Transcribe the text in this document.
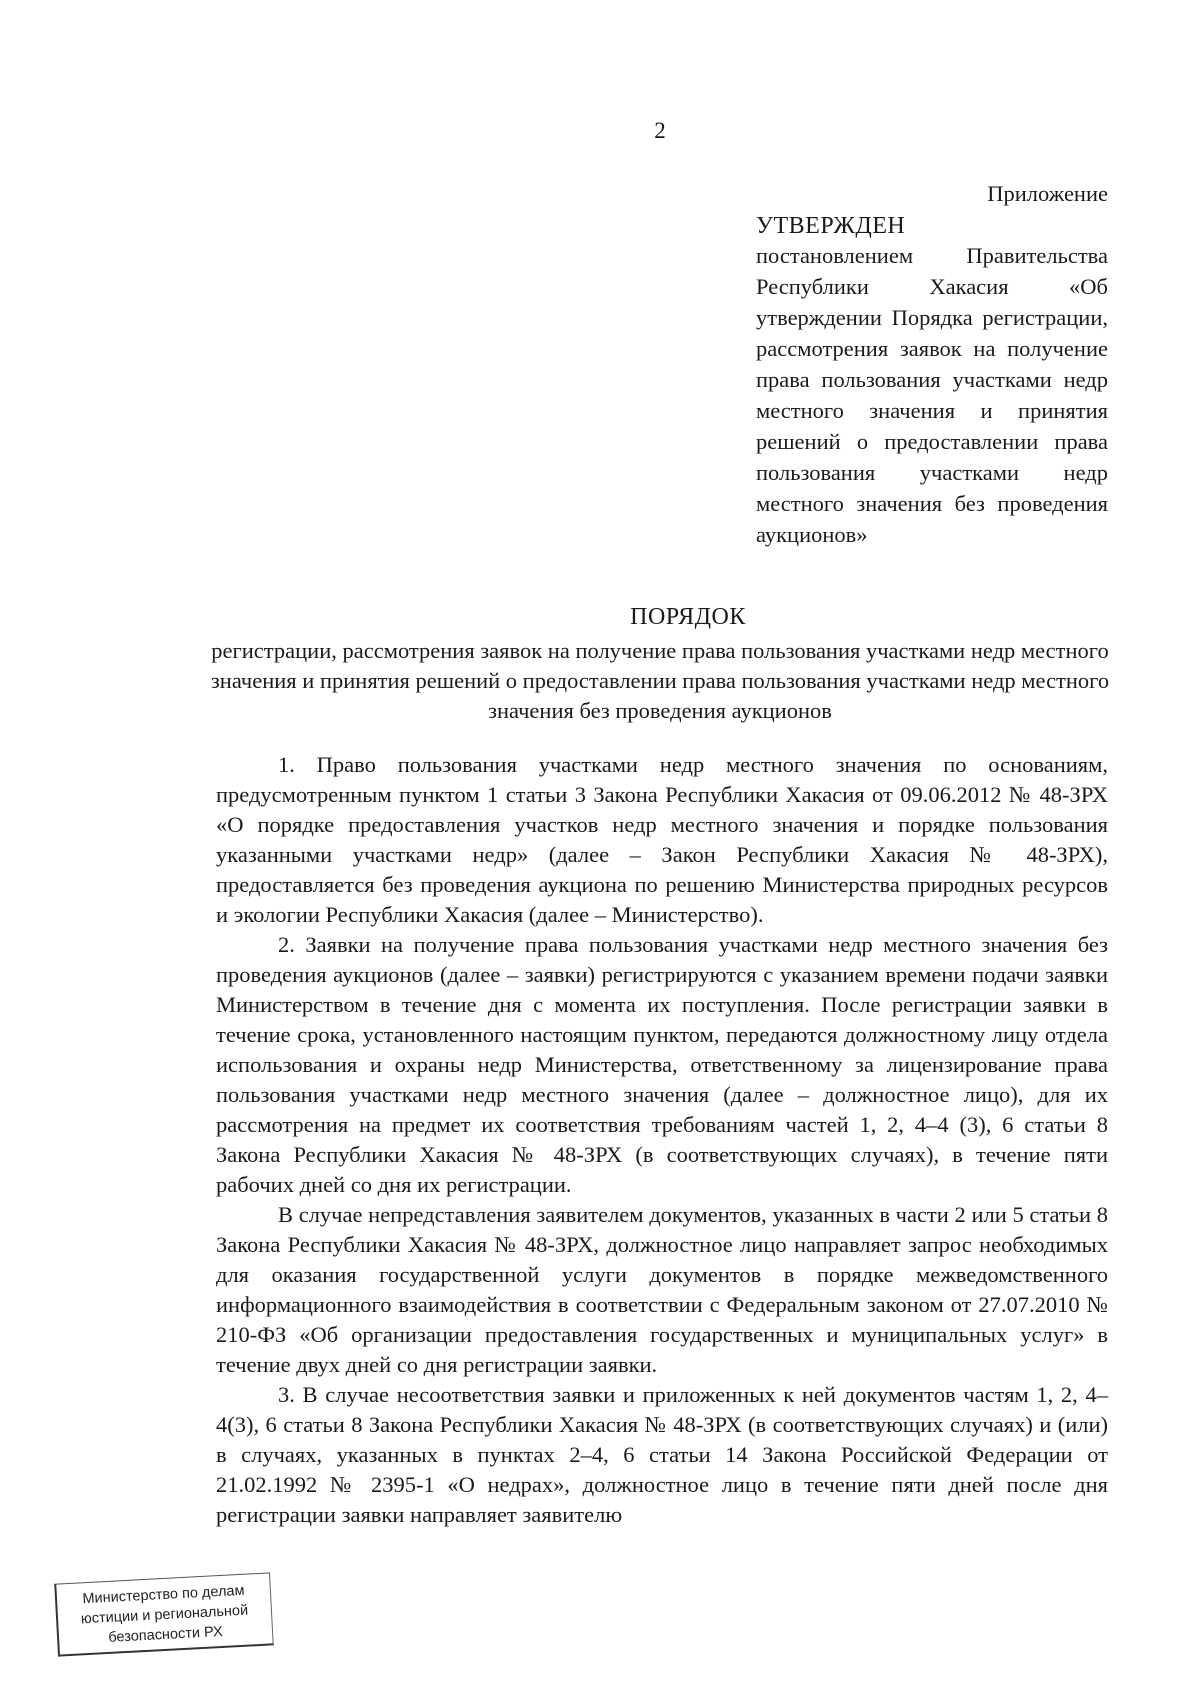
2
Приложение
УТВЕРЖДЕН
постановлением Правительства Республики Хакасия «Об утверждении Порядка регистрации, рассмотрения заявок на получение права пользования участками недр местного значения и принятия решений о предоставлении права пользования участками недр местного значения без проведения аукционов»
ПОРЯДОК
регистрации, рассмотрения заявок на получение права пользования участками недр местного значения и принятия решений о предоставлении права пользования участками недр местного значения без проведения аукционов

1. Право пользования участками недр местного значения по основаниям, предусмотренным пунктом 1 статьи 3 Закона Республики Хакасия от 09.06.2012 № 48-ЗРХ «О порядке предоставления участков недр местного значения и порядке пользования указанными участками недр» (далее – Закон Республики Хакасия № 48-ЗРХ), предоставляется без проведения аукциона по решению Министерства природных ресурсов и экологии Республики Хакасия (далее – Министерство).

2. Заявки на получение права пользования участками недр местного значения без проведения аукционов (далее – заявки) регистрируются с указанием времени подачи заявки Министерством в течение дня с момента их поступления. После регистрации заявки в течение срока, установленного настоящим пунктом, передаются должностному лицу отдела использования и охраны недр Министерства, ответственному за лицензирование права пользования участками недр местного значения (далее – должностное лицо), для их рассмотрения на предмет их соответствия требованиям частей 1, 2, 4–4 (3), 6 статьи 8 Закона Республики Хакасия № 48-ЗРХ (в соответствующих случаях), в течение пяти рабочих дней со дня их регистрации.

В случае непредставления заявителем документов, указанных в части 2 или 5 статьи 8 Закона Республики Хакасия № 48-ЗРХ, должностное лицо направляет запрос необходимых для оказания государственной услуги документов в порядке межведомственного информационного взаимодействия в соответствии с Федеральным законом от 27.07.2010 № 210-ФЗ «Об организации предоставления государственных и муниципальных услуг» в течение двух дней со дня регистрации заявки.

3. В случае несоответствия заявки и приложенных к ней документов частям 1, 2, 4–4(3), 6 статьи 8 Закона Республики Хакасия № 48-ЗРХ (в соответствующих случаях) и (или) в случаях, указанных в пунктах 2–4, 6 статьи 14 Закона Российской Федерации от 21.02.1992 № 2395-1 «О недрах», должностное лицо в течение пяти дней после дня регистрации заявки направляет заявителю

Министерство по делам
юстиции и региональной
безопасности РХ
